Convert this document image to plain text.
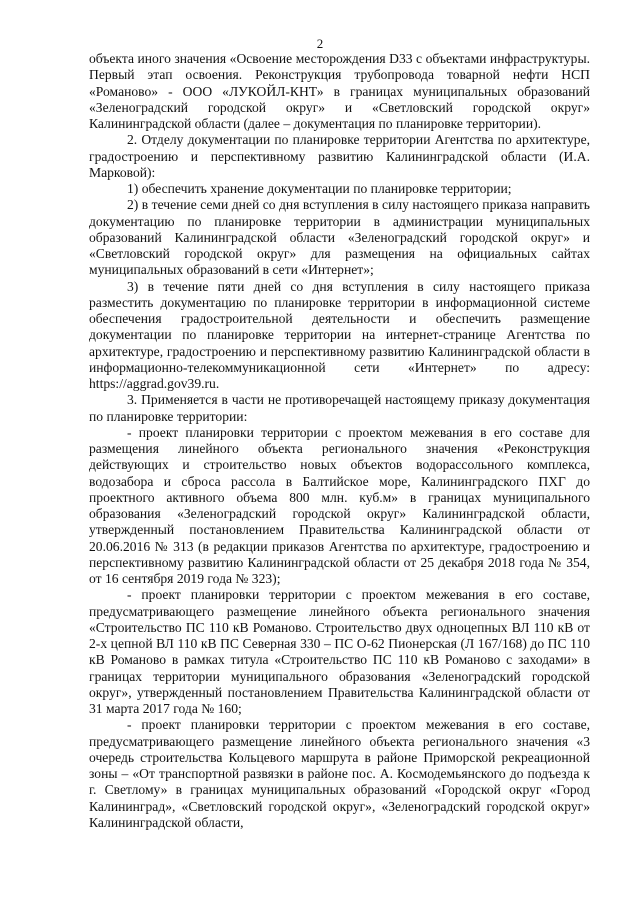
2

объекта иного значения «Освоение месторождения D33 с объектами инфраструктуры. Первый этап освоения. Реконструкция трубопровода товарной нефти НСП «Романово» - ООО «ЛУКОЙЛ-КНТ» в границах муниципальных образований «Зеленоградский городской округ» и «Светловский городской округ» Калининградской области (далее – документация по планировке территории).

2. Отделу документации по планировке территории Агентства по архитектуре, градостроению и перспективному развитию Калининградской области (И.А. Марковой):

1) обеспечить хранение документации по планировке территории;

2) в течение семи дней со дня вступления в силу настоящего приказа направить документацию по планировке территории в администрации муниципальных образований Калининградской области «Зеленоградский городской округ» и «Светловский городской округ» для размещения на официальных сайтах муниципальных образований в сети «Интернет»;

3) в течение пяти дней со дня вступления в силу настоящего приказа разместить документацию по планировке территории в информационной системе обеспечения градостроительной деятельности и обеспечить размещение документации по планировке территории на интернет-странице Агентства по архитектуре, градостроению и перспективному развитию Калининградской области в информационно-телекоммуникационной сети «Интернет» по адресу: https://aggrad.gov39.ru.

3. Применяется в части не противоречащей настоящему приказу документация по планировке территории:

- проект планировки территории с проектом межевания в его составе для размещения линейного объекта регионального значения «Реконструкция действующих и строительство новых объектов водорассольного комплекса, водозабора и сброса рассола в Балтийское море, Калининградского ПХГ до проектного активного объема 800 млн. куб.м» в границах муниципального образования «Зеленоградский городской округ» Калининградской области, утвержденный постановлением Правительства Калининградской области от 20.06.2016 № 313 (в редакции приказов Агентства по архитектуре, градостроению и перспективному развитию Калининградской области от 25 декабря 2018 года № 354, от 16 сентября 2019 года № 323);

- проект планировки территории с проектом межевания в его составе, предусматривающего размещение линейного объекта регионального значения «Строительство ПС 110 кВ Романово. Строительство двух одноцепных ВЛ 110 кВ от 2-х цепной ВЛ 110 кВ ПС Северная 330 – ПС О-62 Пионерская (Л 167/168) до ПС 110 кВ Романово в рамках титула «Строительство ПС 110 кВ Романово с заходами» в границах территории муниципального образования «Зеленоградский городской округ», утвержденный постановлением Правительства Калининградской области от 31 марта 2017 года № 160;

- проект планировки территории с проектом межевания в его составе, предусматривающего размещение линейного объекта регионального значения «3 очередь строительства Кольцевого маршрута в районе Приморской рекреационной зоны – «От транспортной развязки в районе пос. А. Космодемьянского до подъезда к г. Светлому» в границах муниципальных образований «Городской округ «Город Калининград», «Светловский городской округ», «Зеленоградский городской округ» Калининградской области,
